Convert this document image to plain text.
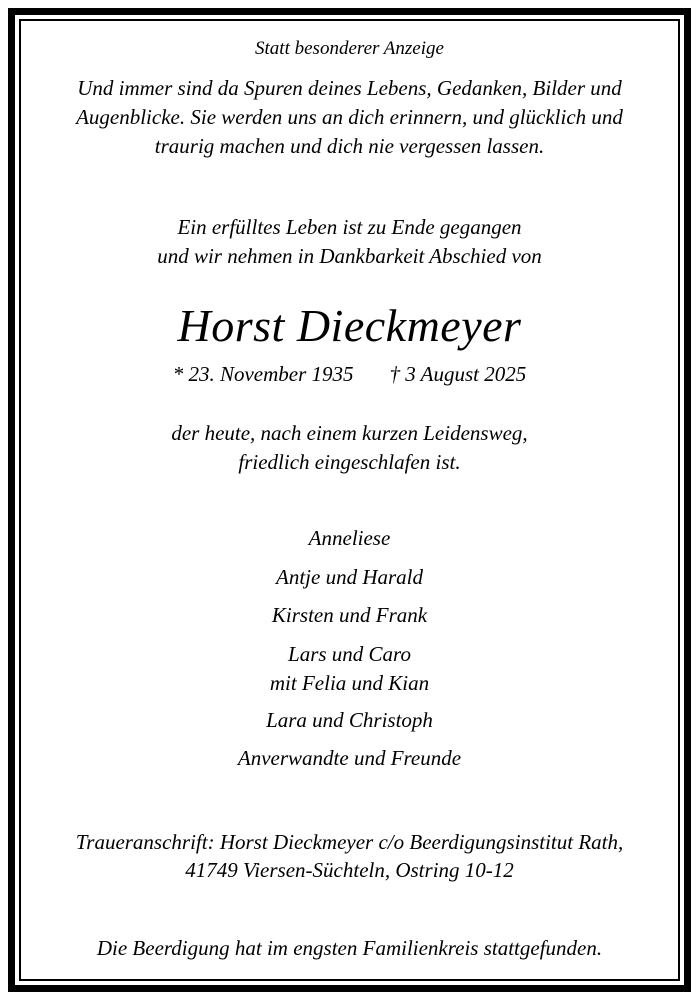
Statt besonderer Anzeige
Und immer sind da Spuren deines Lebens, Gedanken, Bilder und
Augenblicke. Sie werden uns an dich erinnern, und glücklich und
traurig machen und dich nie vergessen lassen.
Ein erfülltes Leben ist zu Ende gegangen
und wir nehmen in Dankbarkeit Abschied von
Horst Dieckmeyer
* 23. November 1935 † 3 August 2025
der heute, nach einem kurzen Leidensweg,
friedlich eingeschlafen ist.
Anneliese
Antje und Harald
Kirsten und Frank
Lars und Caro
mit Felia und Kian
Lara und Christoph
Anverwandte und Freunde
Traueranschrift: Horst Dieckmeyer c/o Beerdigungsinstitut Rath,
41749 Viersen-Süchteln, Ostring 10-12
Die Beerdigung hat im engsten Familienkreis stattgefunden.
